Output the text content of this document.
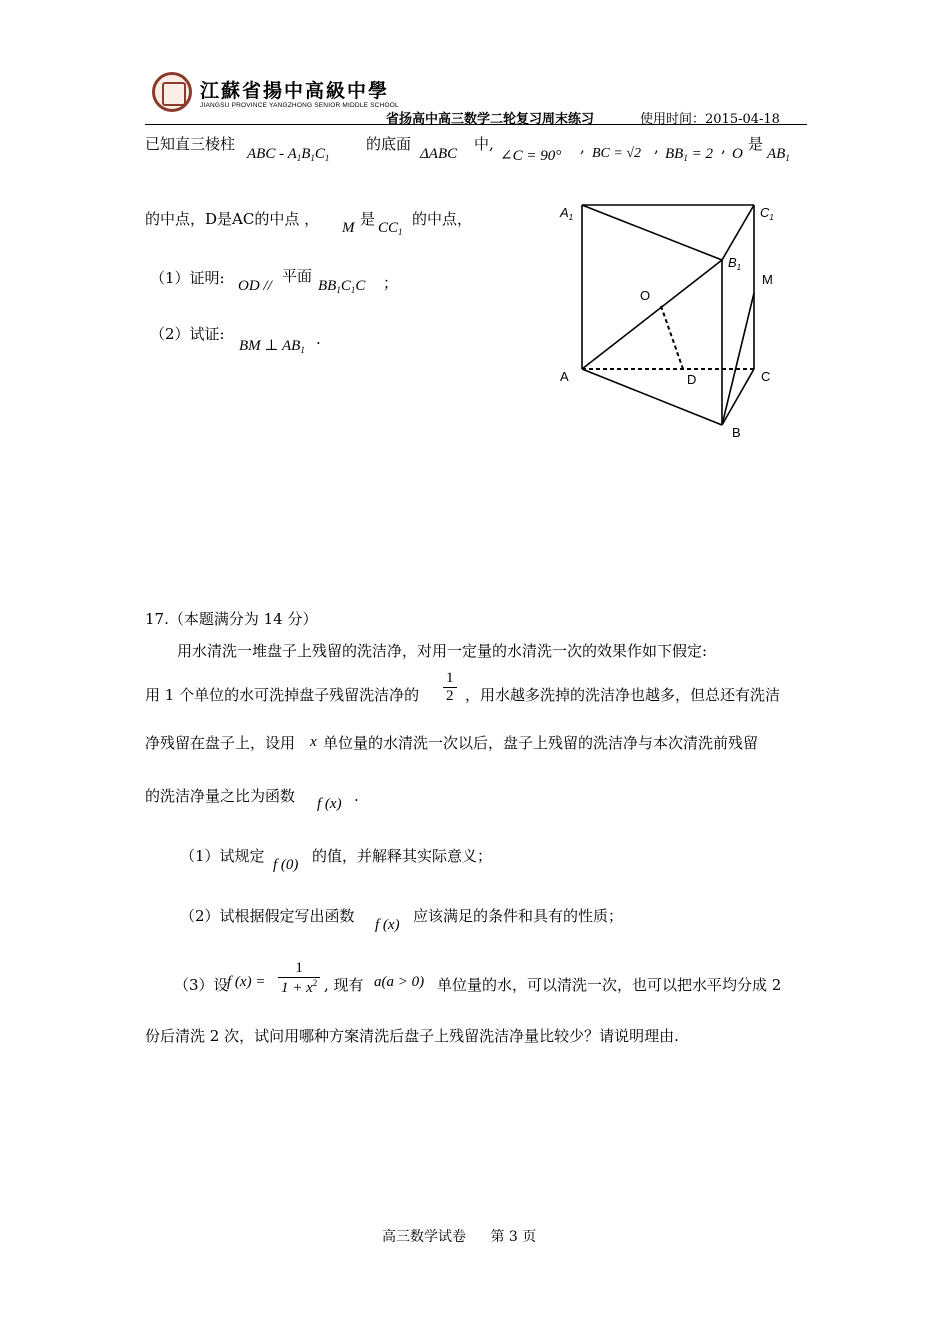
江蘇省揚中高級中學
JIANGSU PROVINCE YANGZHONG SENIOR MIDDLE SCHOOL
省扬高中高三数学二轮复习周末练习	使用时间：2015-04-18
已知直三棱柱
ABC - $A_1B_1C_1$
的底面
ΔABC
中,
∠C = 90° , BC = √2 , $BB_1 = 2$ , O
是
$AB_1$
的中点，D是AC的中点 ， M 是 $CC_1$
的中点，
（1）证明: OD //
平面
$BB_1C_1C$ ；
（2）试证:
BM ⊥ $AB_1$
.
$A_1$	$C_1$
$B_1$
M
O
A	D	C
B
17.（本题满分为 14 分）
用水清洗一堆盘子上残留的洗洁净，对用一定量的水清洗一次的效果作如下假定:
用 1 个单位的水可洗掉盘子残留洗洁净的 $\frac{1}{2}$ ，用水越多洗掉的洗洁净也越多，但总还有洗洁
净残留在盘子上，设用 x 单位量的水清洗一次以后，盘子上残留的洗洁净与本次清洗前残留
的洗洁净量之比为函数 f (x) .
（1）试规定 f (0) 的值，并解释其实际意义；
（2）试根据假定写出函数 f (x) 应该满足的条件和具有的性质；
（3）设
f $(x) = \frac{1}{1 + x^2}$ , 现有 a(a > 0) 单位量的水，可以清洗一次，也可以把水平均分成 2
份后清洗 2 次，试问用哪种方案清洗后盘子上残留洗洁净量比较少？请说明理由.
高三数学试卷 第 3 页
